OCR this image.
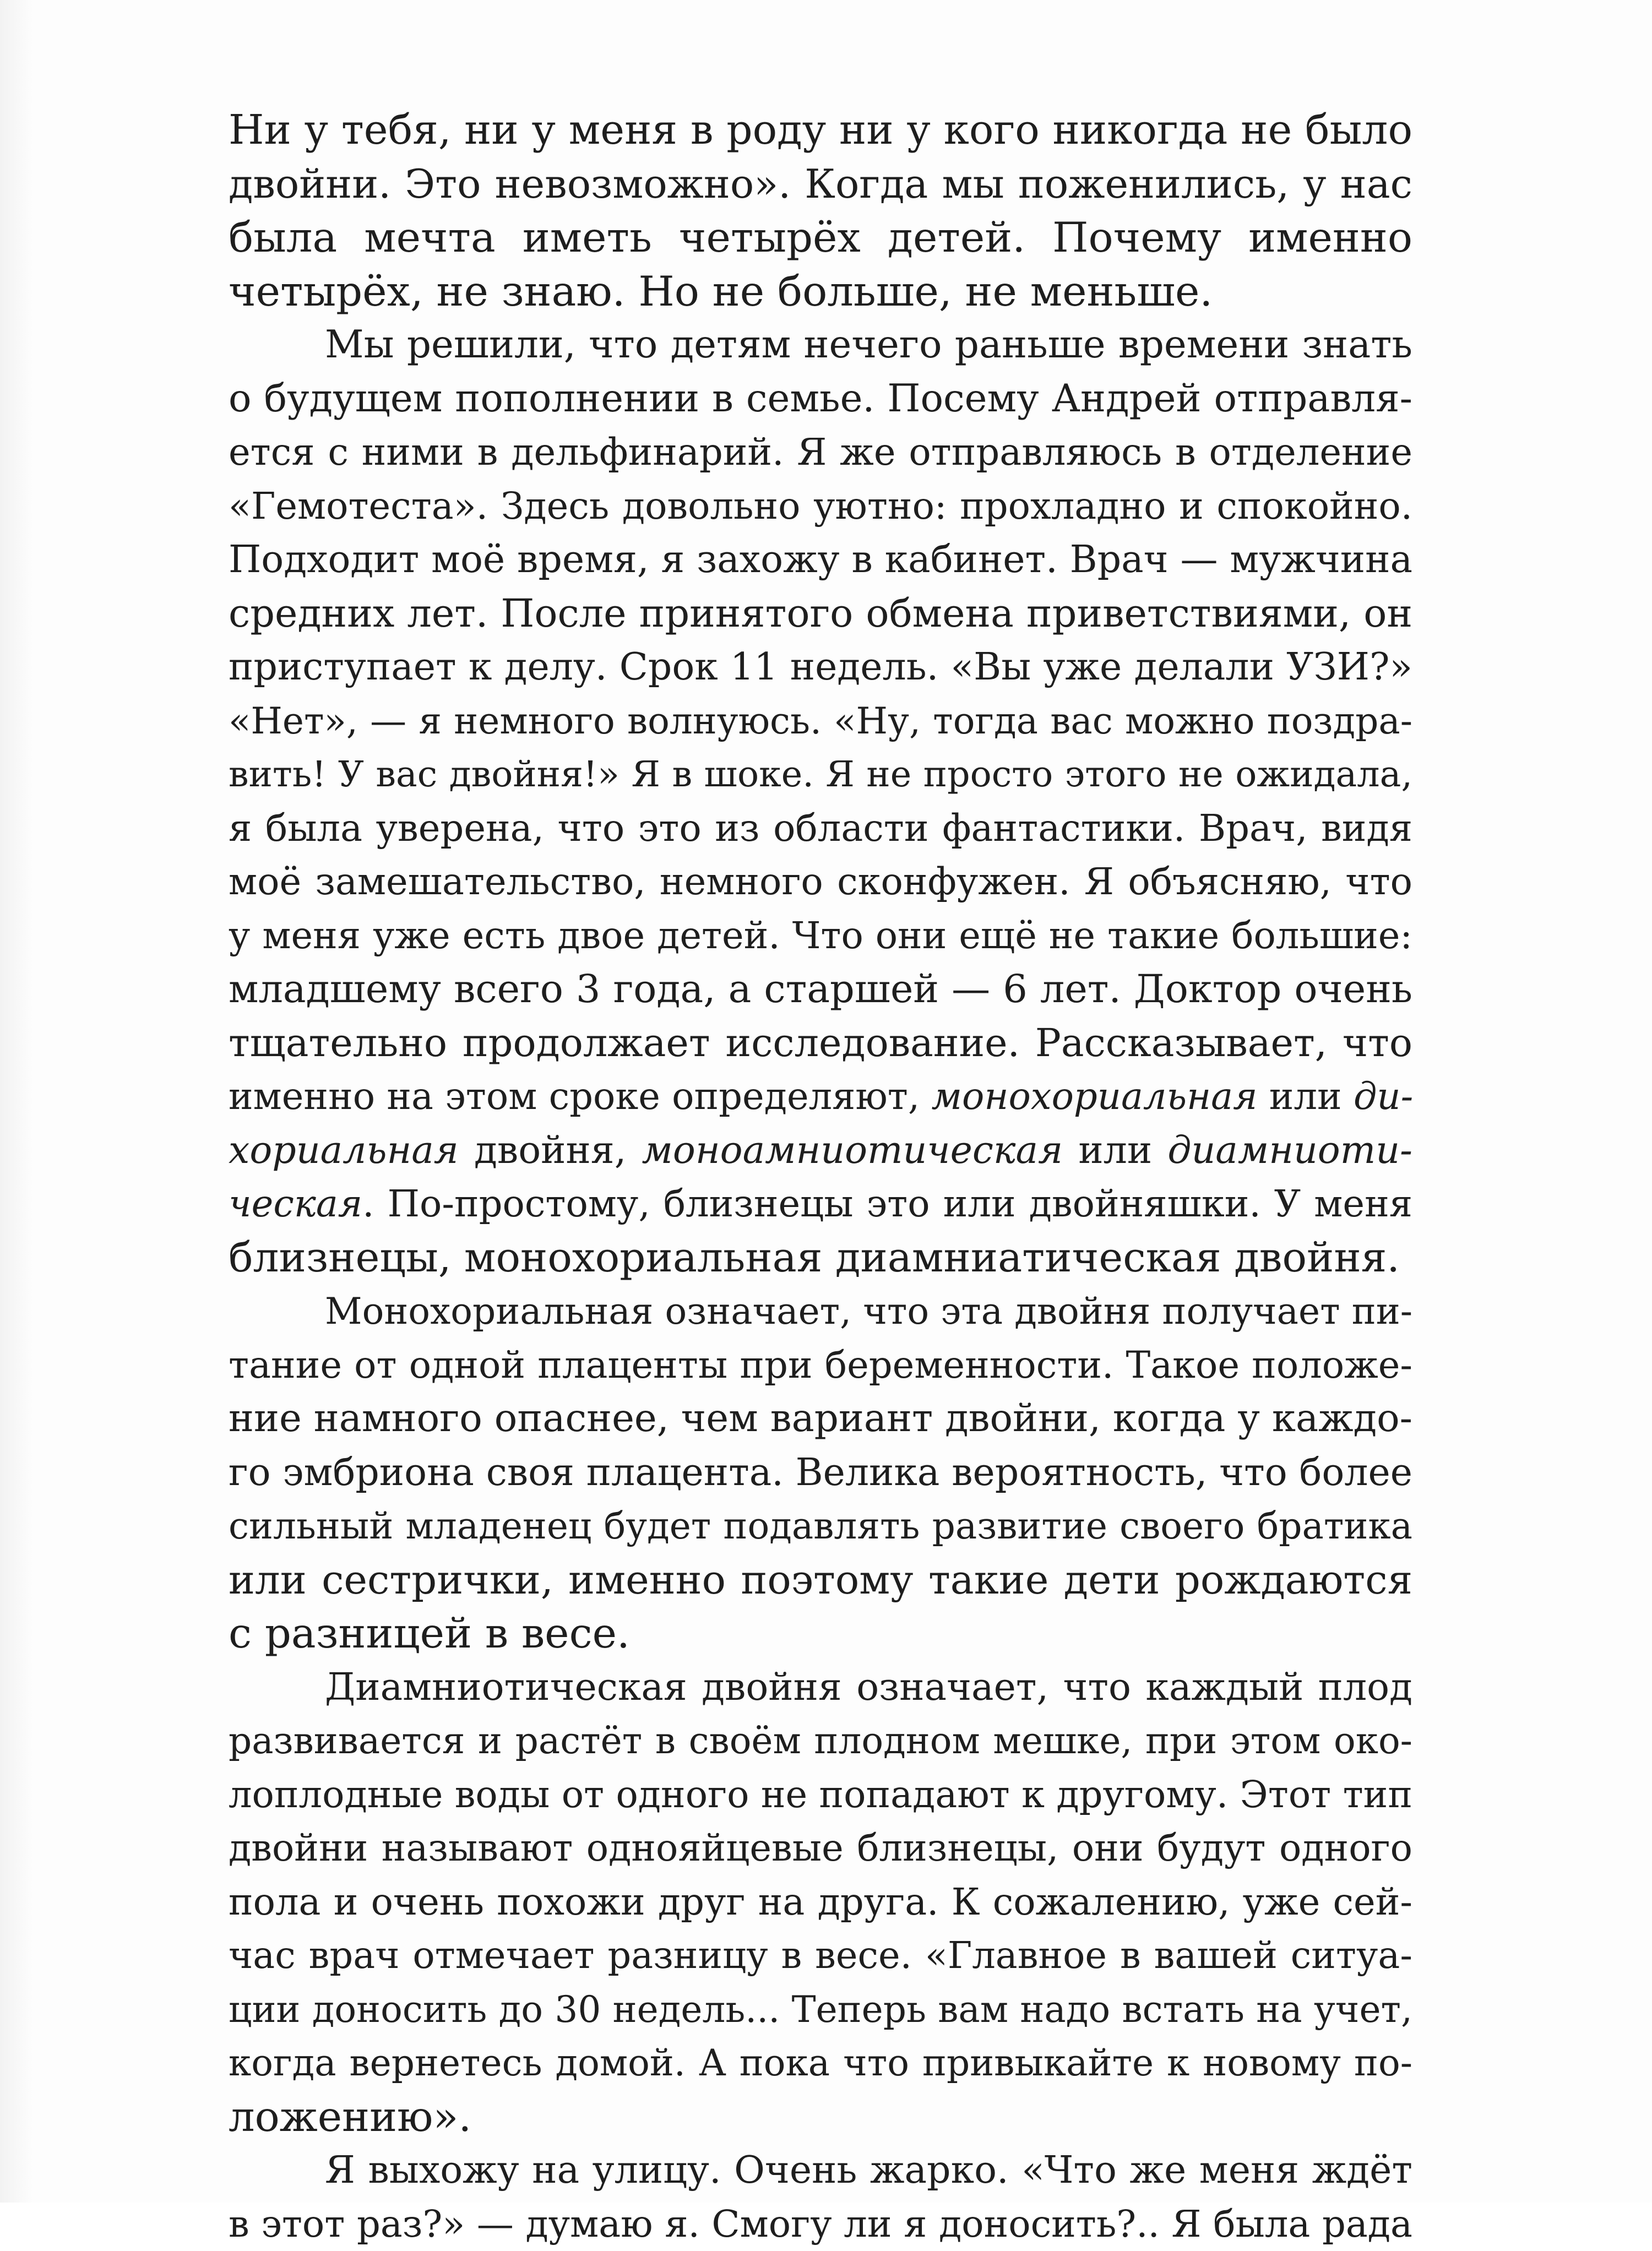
Ни у тебя, ни у меня в роду ни у кого никогда не было
двойни. Это невозможно». Когда мы поженились, у нас
была мечта иметь четырёх детей. Почему именно
четырёх, не знаю. Но не больше, не меньше.
Мы решили, что детям нечего раньше времени знать
о будущем пополнении в семье. Посему Андрей отправля-
ется с ними в дельфинарий. Я же отправляюсь в отделение
«Гемотеста». Здесь довольно уютно: прохладно и спокойно.
Подходит моё время, я захожу в кабинет. Врач — мужчина
средних лет. После принятого обмена приветствиями, он
приступает к делу. Срок 11 недель. «Вы уже делали УЗИ?»
«Нет», — я немного волнуюсь. «Ну, тогда вас можно поздра-
вить! У вас двойня!» Я в шоке. Я не просто этого не ожидала,
я была уверена, что это из области фантастики. Врач, видя
моё замешательство, немного сконфужен. Я объясняю, что
у меня уже есть двое детей. Что они ещё не такие большие:
младшему всего 3 года, а старшей — 6 лет. Доктор очень
тщательно продолжает исследование. Рассказывает, что
именно на этом сроке определяют, монохориальная или ди-
хориальная двойня, моноамниотическая или диамниоти-
ческая. По-простому, близнецы это или двойняшки. У меня
близнецы, монохориальная диамниатическая двойня.
Монохориальная означает, что эта двойня получает пи-
тание от одной плаценты при беременности. Такое положе-
ние намного опаснее, чем вариант двойни, когда у каждо-
го эмбриона своя плацента. Велика вероятность, что более
сильный младенец будет подавлять развитие своего братика
или сестрички, именно поэтому такие дети рождаются
с разницей в весе.
Диамниотическая двойня означает, что каждый плод
развивается и растёт в своём плодном мешке, при этом око-
лоплодные воды от одного не попадают к другому. Этот тип
двойни называют однояйцевые близнецы, они будут одного
пола и очень похожи друг на друга. К сожалению, уже сей-
час врач отмечает разницу в весе. «Главное в вашей ситуа-
ции доносить до 30 недель... Теперь вам надо встать на учет,
когда вернетесь домой. А пока что привыкайте к новому по-
ложению».
Я выхожу на улицу. Очень жарко. «Что же меня ждёт
в этот раз?» — думаю я. Смогу ли я доносить?.. Я была рада
